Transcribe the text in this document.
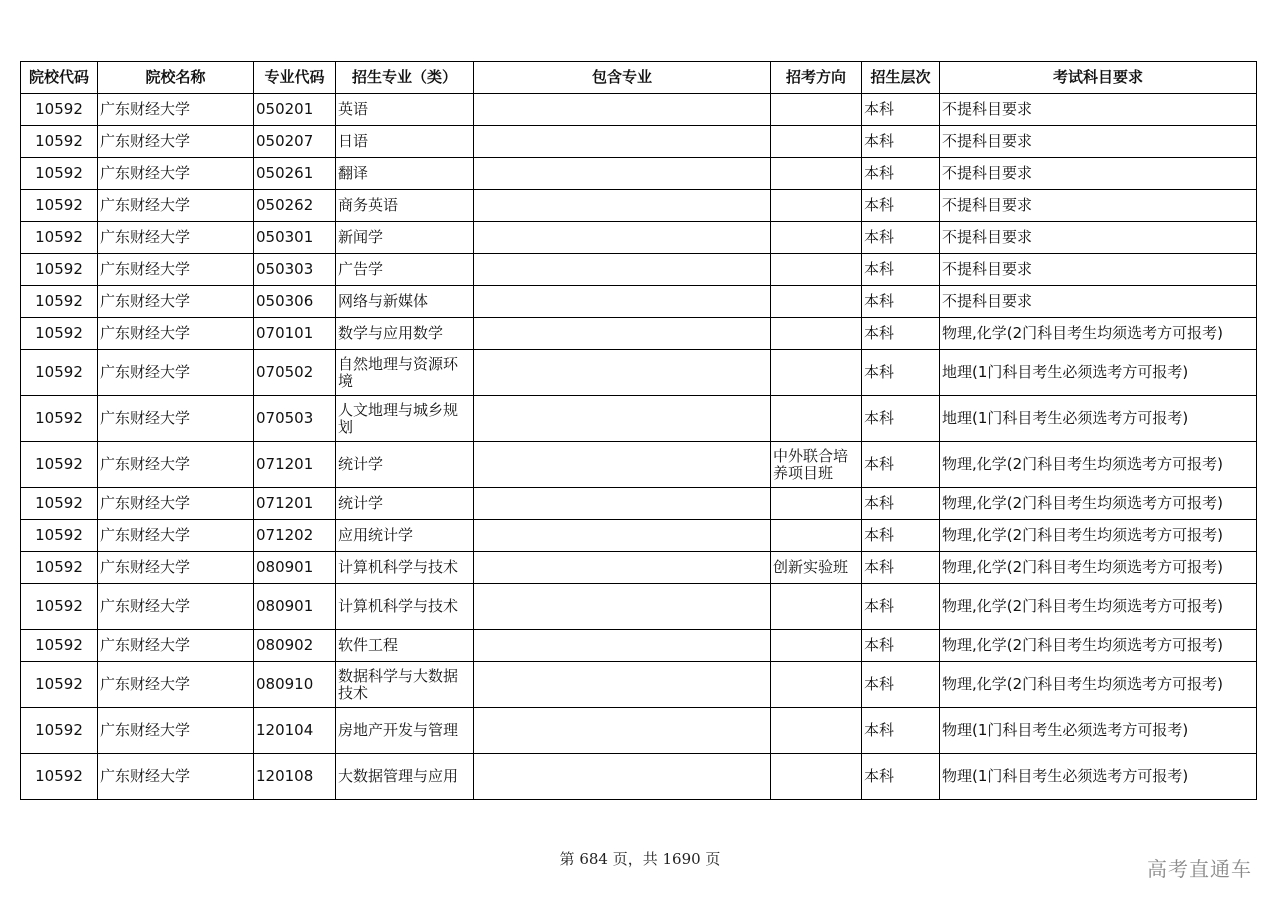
院校代码	院校名称	专业代码	招生专业（类）	包含专业	招考方向	招生层次	考试科目要求
10592	广东财经大学	050201	英语			本科	不提科目要求
10592	广东财经大学	050207	日语			本科	不提科目要求
10592	广东财经大学	050261	翻译			本科	不提科目要求
10592	广东财经大学	050262	商务英语			本科	不提科目要求
10592	广东财经大学	050301	新闻学			本科	不提科目要求
10592	广东财经大学	050303	广告学			本科	不提科目要求
10592	广东财经大学	050306	网络与新媒体			本科	不提科目要求
10592	广东财经大学	070101	数学与应用数学			本科	物理,化学(2门科目考生均须选考方可报考)
10592	广东财经大学	070502	自然地理与资源环境			本科	地理(1门科目考生必须选考方可报考)
10592	广东财经大学	070503	人文地理与城乡规划			本科	地理(1门科目考生必须选考方可报考)
10592	广东财经大学	071201	统计学		中外联合培养项目班	本科	物理,化学(2门科目考生均须选考方可报考)
10592	广东财经大学	071201	统计学			本科	物理,化学(2门科目考生均须选考方可报考)
10592	广东财经大学	071202	应用统计学			本科	物理,化学(2门科目考生均须选考方可报考)
10592	广东财经大学	080901	计算机科学与技术		创新实验班	本科	物理,化学(2门科目考生均须选考方可报考)
10592	广东财经大学	080901	计算机科学与技术			本科	物理,化学(2门科目考生均须选考方可报考)
10592	广东财经大学	080902	软件工程			本科	物理,化学(2门科目考生均须选考方可报考)
10592	广东财经大学	080910	数据科学与大数据技术			本科	物理,化学(2门科目考生均须选考方可报考)
10592	广东财经大学	120104	房地产开发与管理			本科	物理(1门科目考生必须选考方可报考)
10592	广东财经大学	120108	大数据管理与应用			本科	物理(1门科目考生必须选考方可报考)
第 684 页，共 1690 页	高考直通车
